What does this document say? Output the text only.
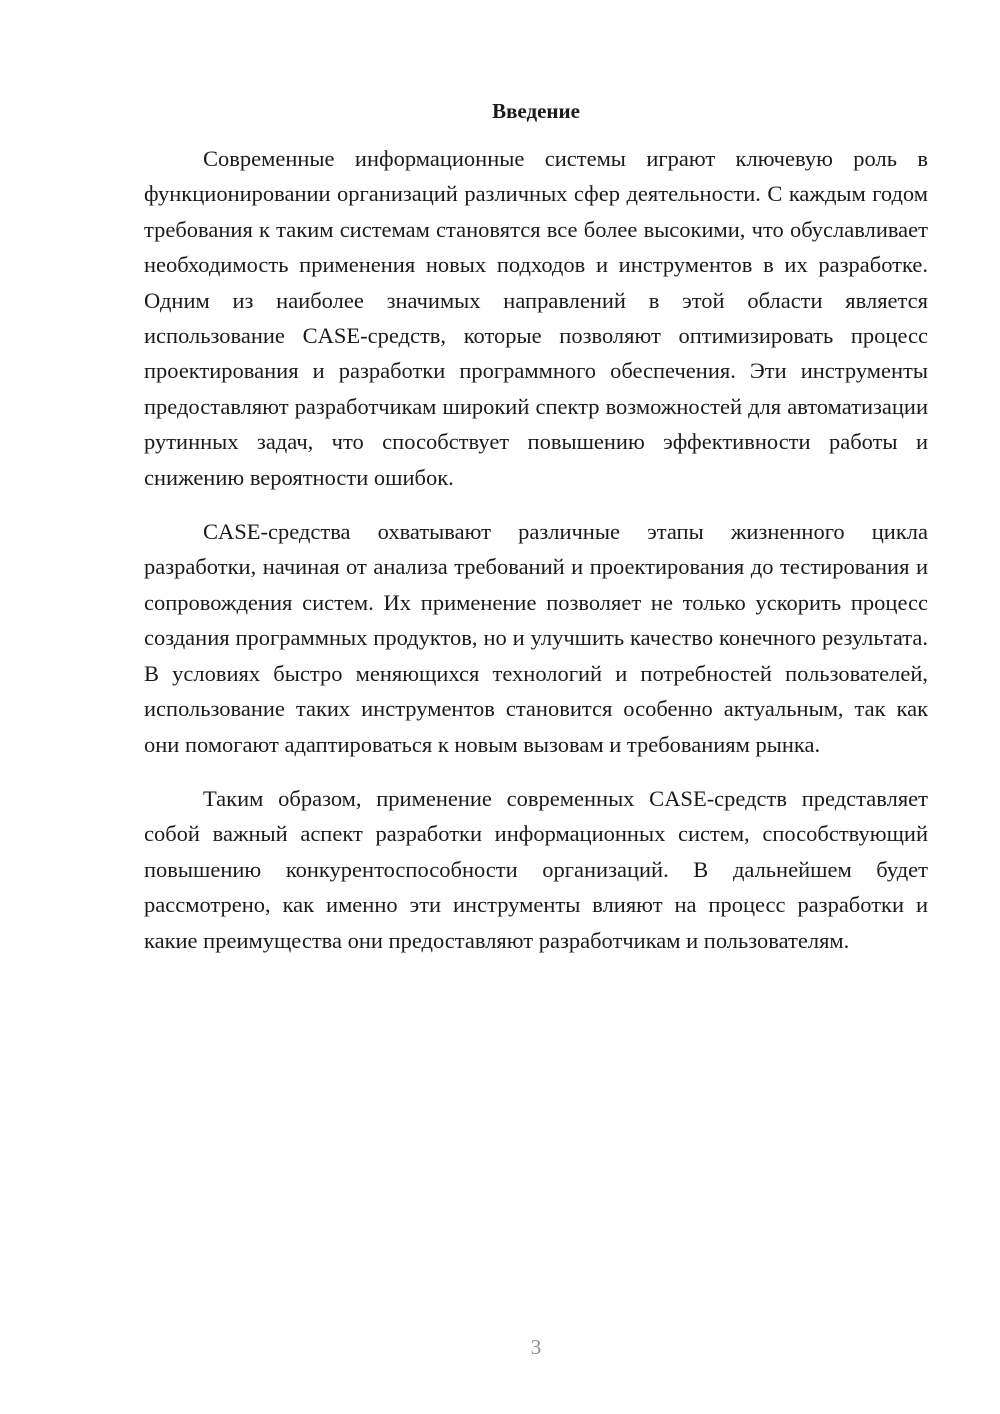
Введение

Современные информационные системы играют ключевую роль в функционировании организаций различных сфер деятельности. С каждым годом требования к таким системам становятся все более высокими, что обуславливает необходимость применения новых подходов и инструментов в их разработке. Одним из наиболее значимых направлений в этой области является использование CASE-средств, которые позволяют оптимизировать процесс проектирования и разработки программного обеспечения. Эти инструменты предоставляют разработчикам широкий спектр возможностей для автоматизации рутинных задач, что способствует повышению эффективности работы и снижению вероятности ошибок.

CASE-средства охватывают различные этапы жизненного цикла разработки, начиная от анализа требований и проектирования до тестирования и сопровождения систем. Их применение позволяет не только ускорить процесс создания программных продуктов, но и улучшить качество конечного результата. В условиях быстро меняющихся технологий и потребностей пользователей, использование таких инструментов становится особенно актуальным, так как они помогают адаптироваться к новым вызовам и требованиям рынка.

Таким образом, применение современных CASE-средств представляет собой важный аспект разработки информационных систем, способствующий повышению конкурентоспособности организаций. В дальнейшем будет рассмотрено, как именно эти инструменты влияют на процесс разработки и какие преимущества они предоставляют разработчикам и пользователям.

3
